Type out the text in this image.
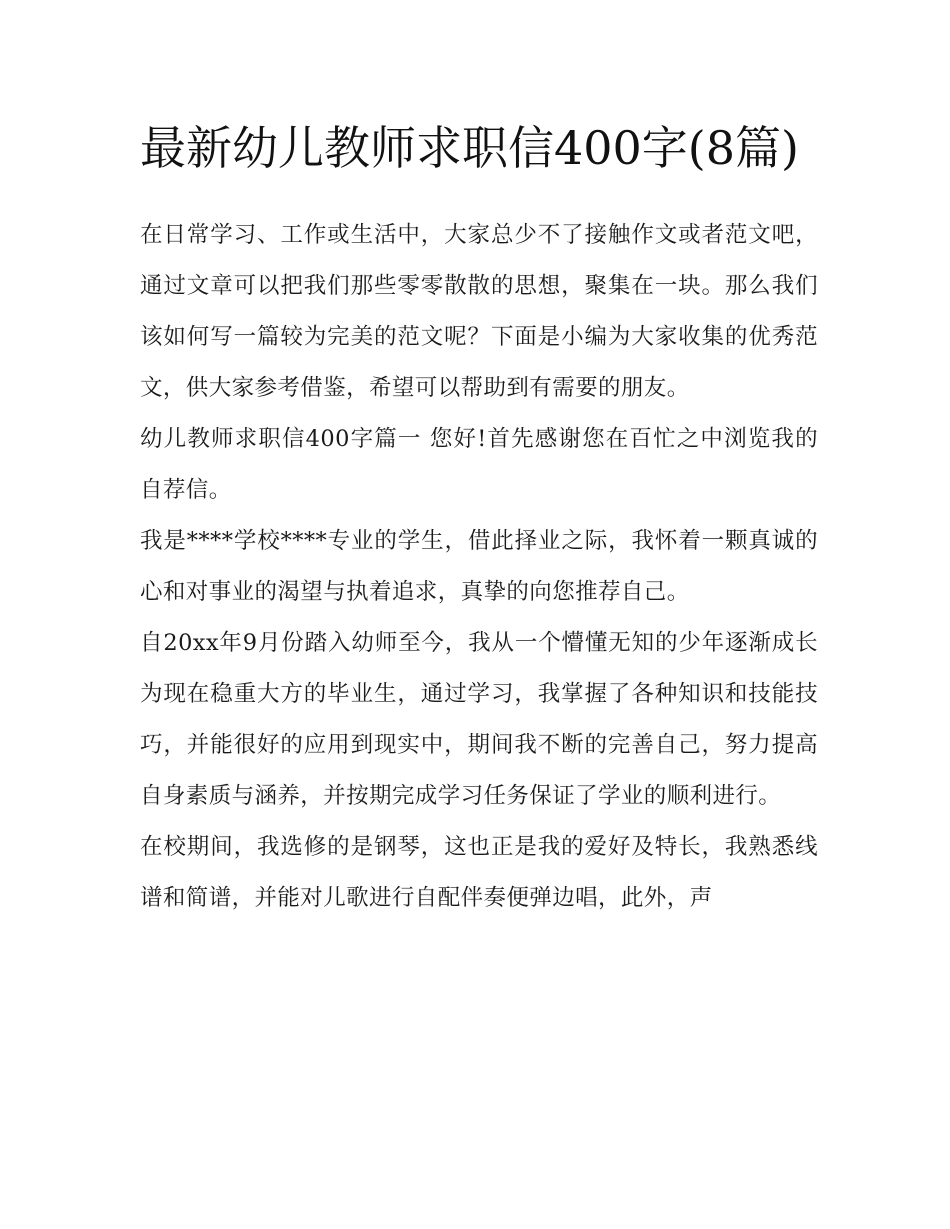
最新幼儿教师求职信400字(8篇)

在日常学习、工作或生活中，大家总少不了接触作文或者范文吧，通过文章可以把我们那些零零散散的思想，聚集在一块。那么我们该如何写一篇较为完美的范文呢？下面是小编为大家收集的优秀范文，供大家参考借鉴，希望可以帮助到有需要的朋友。

幼儿教师求职信400字篇一 您好!首先感谢您在百忙之中浏览我的自荐信。

我是****学校****专业的学生，借此择业之际，我怀着一颗真诚的心和对事业的渴望与执着追求，真挚的向您推荐自己。

自20xx年9月份踏入幼师至今，我从一个懵懂无知的少年逐渐成长为现在稳重大方的毕业生，通过学习，我掌握了各种知识和技能技巧，并能很好的应用到现实中，期间我不断的完善自己，努力提高自身素质与涵养，并按期完成学习任务保证了学业的顺利进行。

在校期间，我选修的是钢琴，这也正是我的爱好及特长，我熟悉线谱和简谱，并能对儿歌进行自配伴奏便弹边唱，此外，声
